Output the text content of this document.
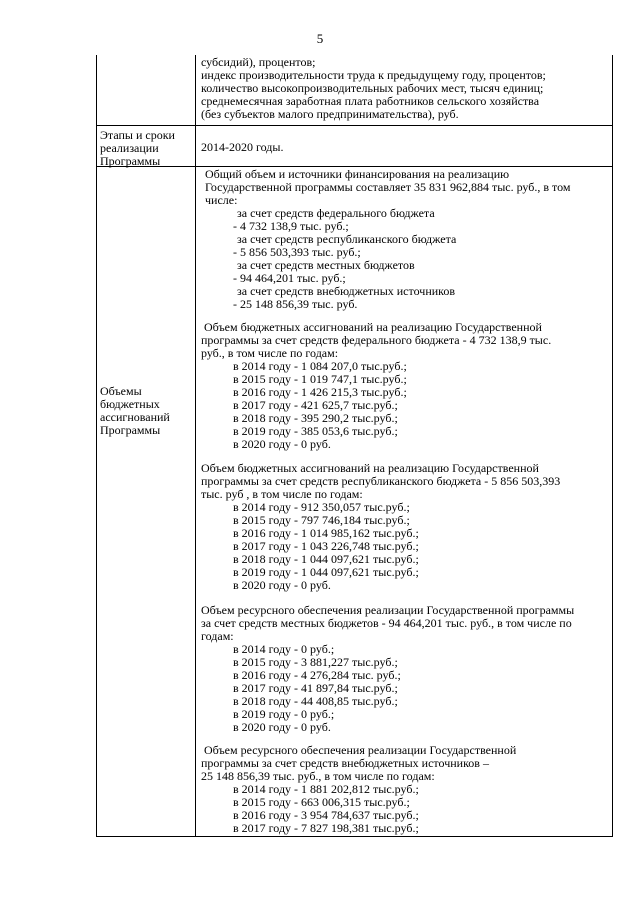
5
субсидий), процентов;
индекс производительности труда к предыдущему году, процентов;
количество высокопроизводительных рабочих мест, тысяч единиц;
среднемесячная заработная плата работников сельского хозяйства
(без субъектов малого предпринимательства), руб.
Этапы и сроки
реализации
Программы
2014-2020 годы.
Объемы
бюджетных
ассигнований
Программы
Общий объем и источники финансирования на реализацию
Государственной программы составляет 35 831 962,884 тыс. руб., в том
числе:
за счет средств федерального бюджета
- 4 732 138,9 тыс. руб.;
за счет средств республиканского бюджета
- 5 856 503,393 тыс. руб.;
за счет средств местных бюджетов
- 94 464,201 тыс. руб.;
за счет средств внебюджетных источников
- 25 148 856,39 тыс. руб.
Объем бюджетных ассигнований на реализацию Государственной
программы за счет средств федерального бюджета - 4 732 138,9 тыс.
руб., в том числе по годам:
в 2014 году - 1 084 207,0 тыс.руб.;
в 2015 году - 1 019 747,1 тыс.руб.;
в 2016 году - 1 426 215,3 тыс.руб.;
в 2017 году - 421 625,7 тыс.руб.;
в 2018 году - 395 290,2 тыс.руб.;
в 2019 году - 385 053,6 тыс.руб.;
в 2020 году - 0 руб.
Объем бюджетных ассигнований на реализацию Государственной
программы за счет средств республиканского бюджета - 5 856 503,393
тыс. руб , в том числе по годам:
в 2014 году - 912 350,057 тыс.руб.;
в 2015 году - 797 746,184 тыс.руб.;
в 2016 году - 1 014 985,162 тыс.руб.;
в 2017 году - 1 043 226,748 тыс.руб.;
в 2018 году - 1 044 097,621 тыс.руб.;
в 2019 году - 1 044 097,621 тыс.руб.;
в 2020 году - 0 руб.
Объем ресурсного обеспечения реализации Государственной программы
за счет средств местных бюджетов - 94 464,201 тыс. руб., в том числе по
годам:
в 2014 году - 0 руб.;
в 2015 году - 3 881,227 тыс.руб.;
в 2016 году - 4 276,284 тыс. руб.;
в 2017 году - 41 897,84 тыс.руб.;
в 2018 году - 44 408,85 тыс.руб.;
в 2019 году - 0 руб.;
в 2020 году - 0 руб.
Объем ресурсного обеспечения реализации Государственной
программы за счет средств внебюджетных источников –
25 148 856,39 тыс. руб., в том числе по годам:
в 2014 году - 1 881 202,812 тыс.руб.;
в 2015 году - 663 006,315 тыс.руб.;
в 2016 году - 3 954 784,637 тыс.руб.;
в 2017 году - 7 827 198,381 тыс.руб.;
